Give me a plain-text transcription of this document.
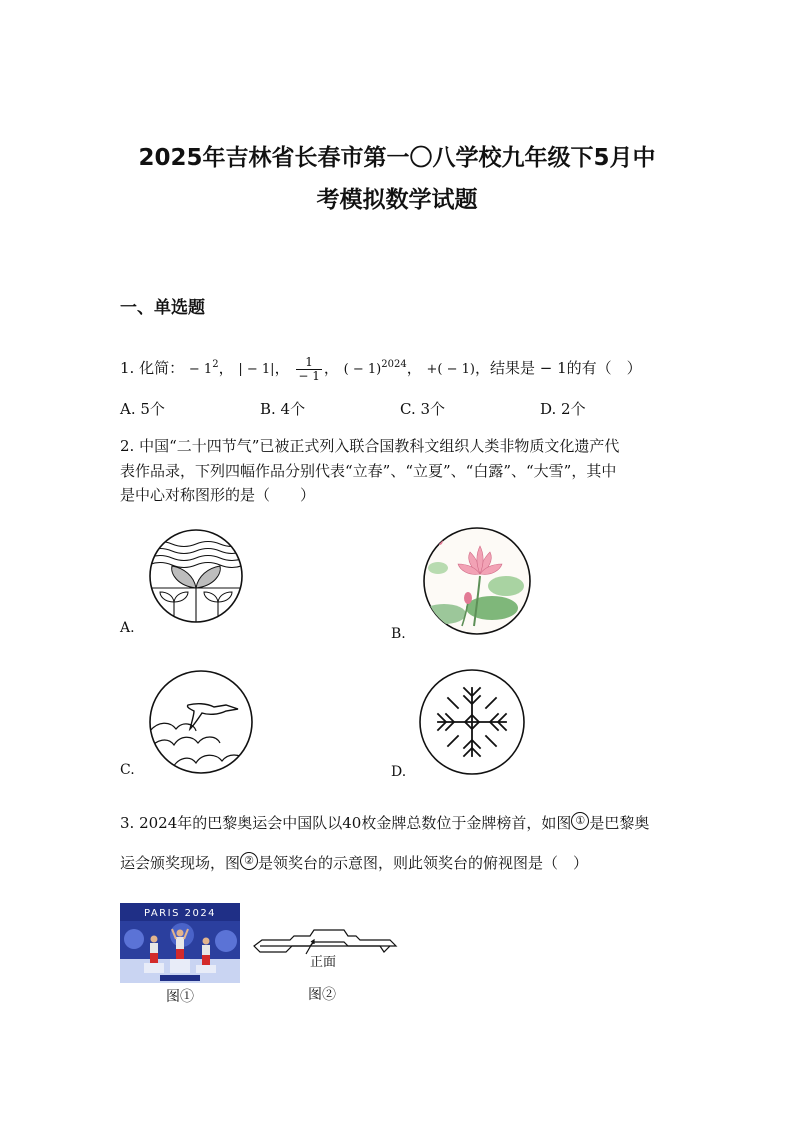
2025年吉林省长春市第一〇八学校九年级下5月中
考模拟数学试题
一、单选题
1. 化简： − $1^2$， | − 1|， $\frac{1}{- 1}$ ， ( − 1)$^{2024}$， +( − 1)，结果是 − 1的有（　）
A. 5个	B. 4个	C. 3个	D. 2个
2. 中国“二十四节气”已被正式列入联合国教科文组织人类非物质文化遗产代
表作品录，下列四幅作品分别代表“立春”、“立夏”、“白露”、“大雪”，其中
是中心对称图形的是（　　）
A.	B.
C.	D.
3. 2024年的巴黎奥运会中国队以40枚金牌总数位于金牌榜首，如图 ① 是巴黎奥
运会颁奖现场，图 ② 是领奖台的示意图，则此领奖台的俯视图是（　）
PARIS 2024
图①
正面
图②
